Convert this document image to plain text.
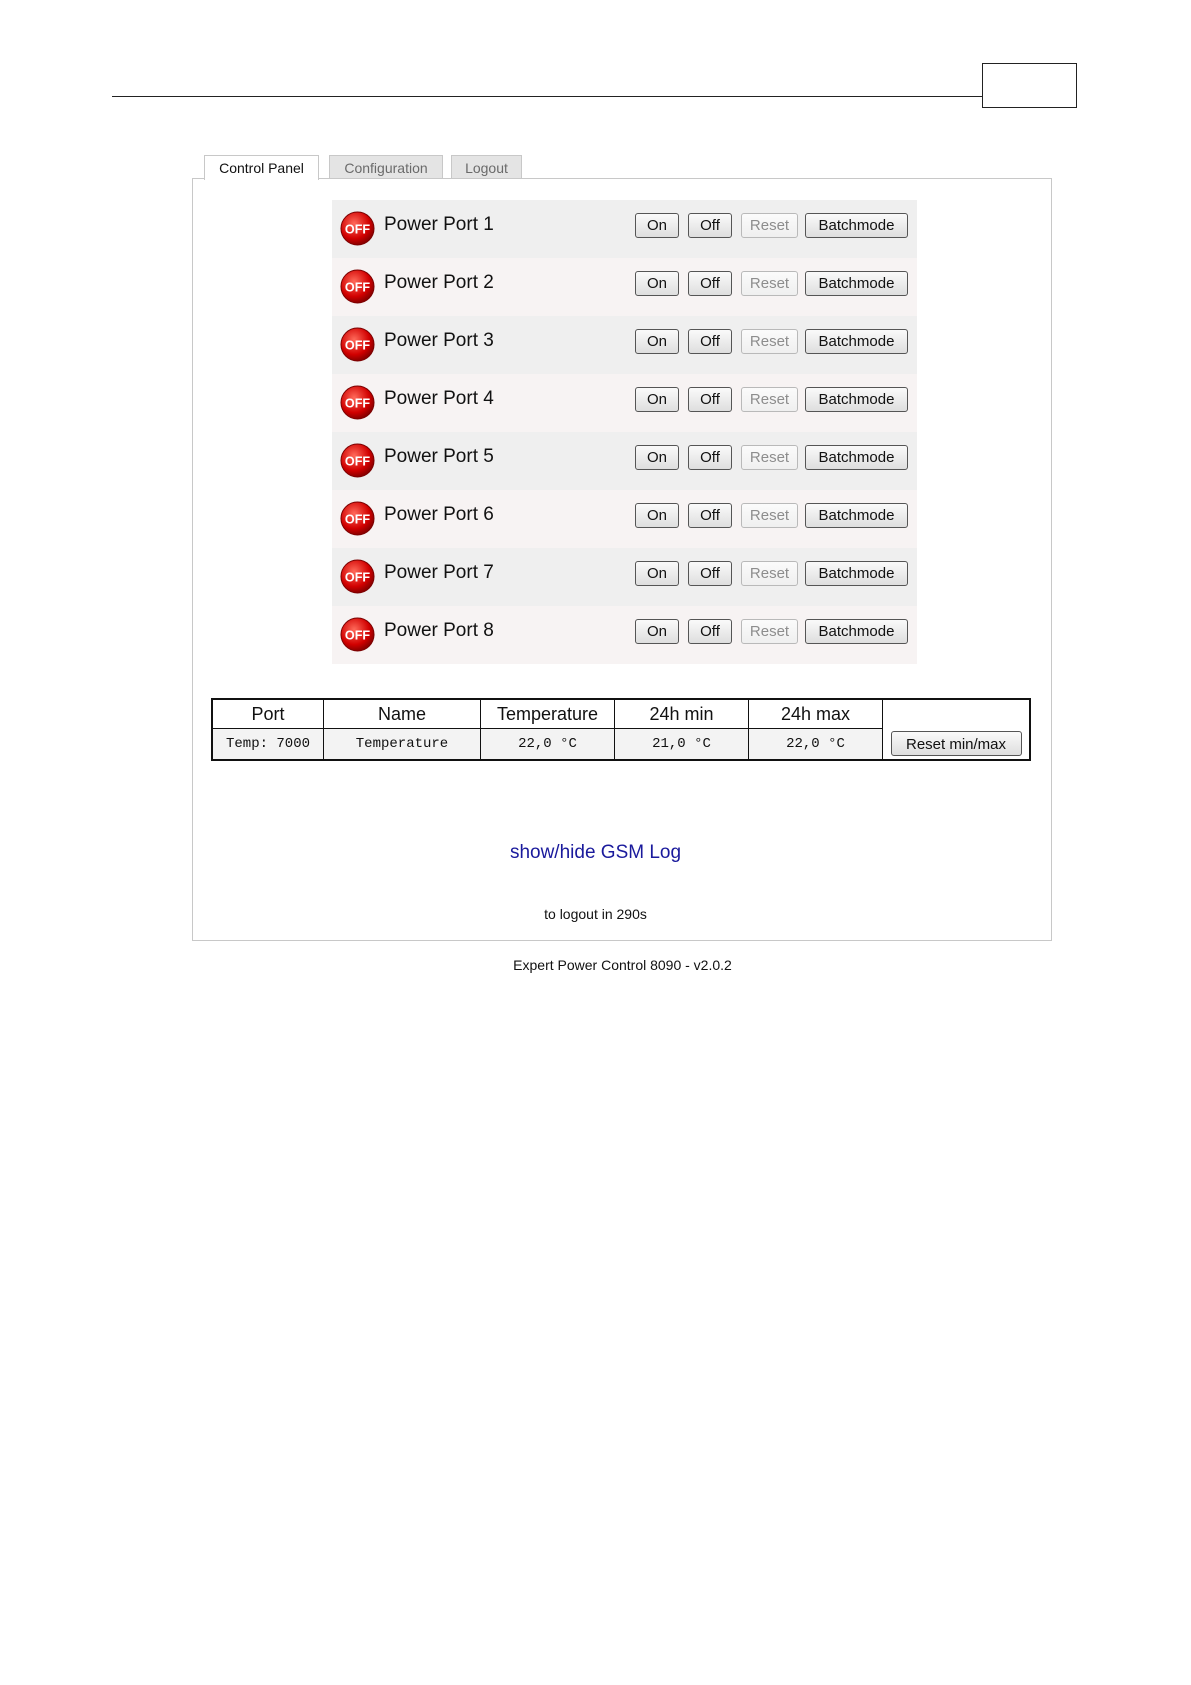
Control Panel	Configuration	Logout
OFF Power Port 1	On	Off	Reset	Batchmode
OFF Power Port 2	On	Off	Reset	Batchmode
OFF Power Port 3	On	Off	Reset	Batchmode
OFF Power Port 4	On	Off	Reset	Batchmode
OFF Power Port 5	On	Off	Reset	Batchmode
OFF Power Port 6	On	Off	Reset	Batchmode
OFF Power Port 7	On	Off	Reset	Batchmode
OFF Power Port 8	On	Off	Reset	Batchmode
Port	Name	Temperature	24h min	24h max	
Temp: 7000	Temperature	22,0 °C	21,0 °C	22,0 °C	Reset min/max
show/hide GSM Log
to logout in 290s
Expert Power Control 8090 - v2.0.2
